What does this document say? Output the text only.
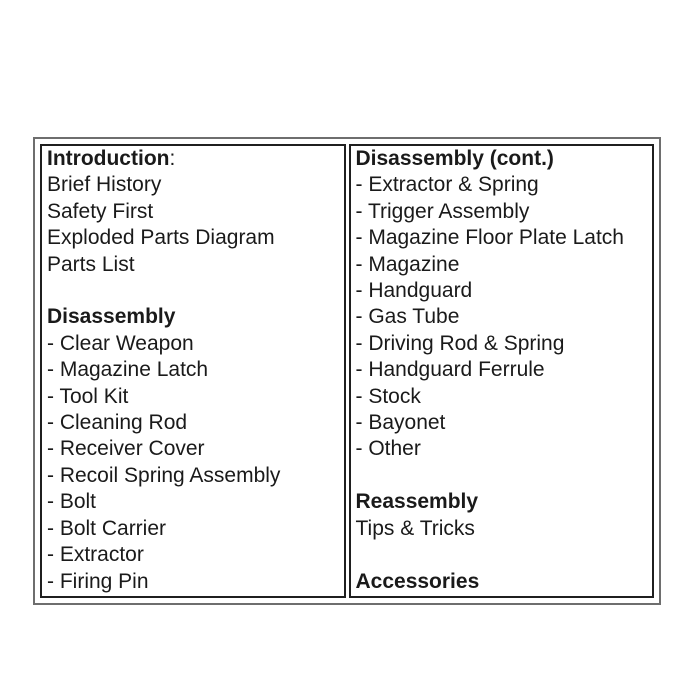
Introduction:
Brief History
Safety First
Exploded Parts Diagram
Parts List

Disassembly
- Clear Weapon
- Magazine Latch
- Tool Kit
- Cleaning Rod
- Receiver Cover
- Recoil Spring Assembly
- Bolt
- Bolt Carrier
- Extractor
- Firing Pin
Disassembly (cont.)
- Extractor & Spring
- Trigger Assembly
- Magazine Floor Plate Latch
- Magazine
- Handguard
- Gas Tube
- Driving Rod & Spring
- Handguard Ferrule
- Stock
- Bayonet
- Other

Reassembly
Tips & Tricks

Accessories
